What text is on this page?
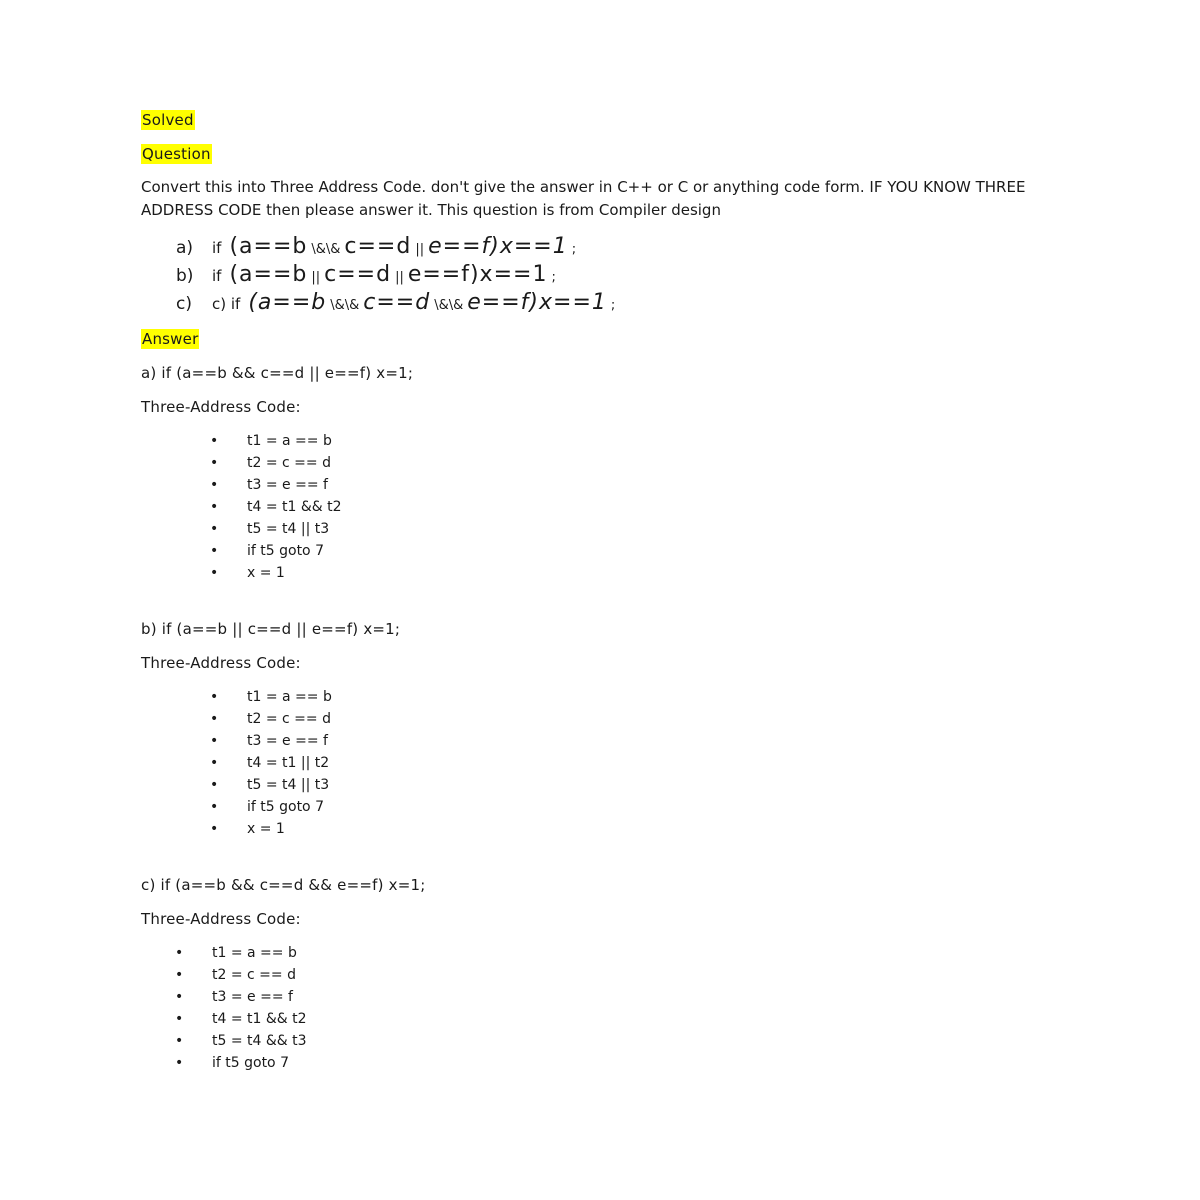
Solved
Question
Convert this into Three Address Code. don't give the answer in C++ or C or anything code form. IF YOU KNOW THREE ADDRESS CODE then please answer it. This question is from Compiler design
a)	if (a==b \&\& c==d || e==f)x==1 ;
b)	if (a==b || c==d || e==f)x==1 ;
c)	c) if (a==b \&\& c==d \&\& e==f)x==1 ;
Answer
a) if (a==b && c==d || e==f) x=1;
Three-Address Code:
• t1 = a == b
• t2 = c == d
• t3 = e == f
• t4 = t1 && t2
• t5 = t4 || t3
• if t5 goto 7
• x = 1
b) if (a==b || c==d || e==f) x=1;
Three-Address Code:
• t1 = a == b
• t2 = c == d
• t3 = e == f
• t4 = t1 || t2
• t5 = t4 || t3
• if t5 goto 7
• x = 1
c) if (a==b && c==d && e==f) x=1;
Three-Address Code:
• t1 = a == b
• t2 = c == d
• t3 = e == f
• t4 = t1 && t2
• t5 = t4 && t3
• if t5 goto 7
